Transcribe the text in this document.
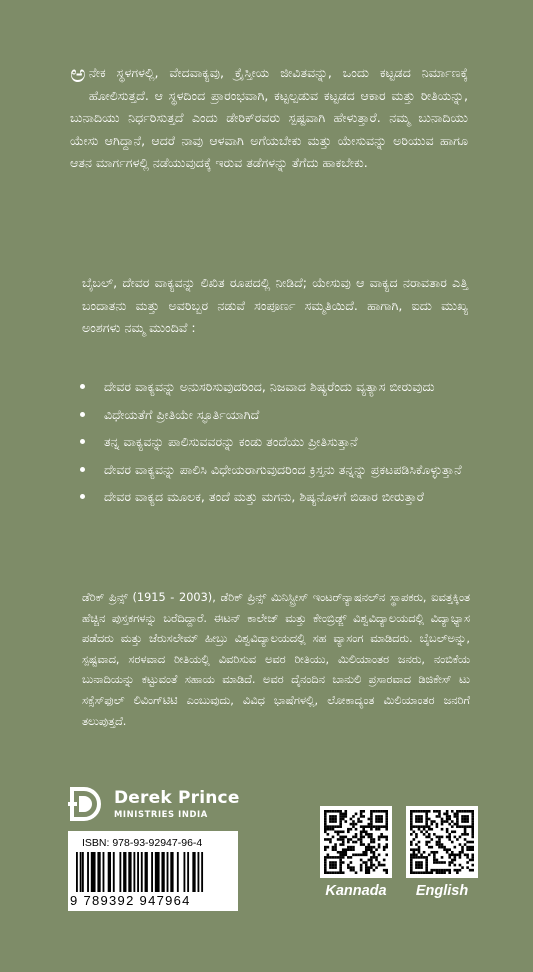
ಅನೇಕ ಸ್ಥಳಗಳಲ್ಲಿ, ವೇದವಾಕ್ಯವು, ಕ್ರೈಸ್ತೀಯ ಜೀವಿತವನ್ನು, ಒಂದು ಕಟ್ಟಡದ ನಿರ್ಮಾಣಕ್ಕೆ ಹೋಲಿಸುತ್ತದೆ. ಆ ಸ್ಥಳದಿಂದ ಪ್ರಾರಂಭವಾಗಿ, ಕಟ್ಟಲ್ಪಡುವ ಕಟ್ಟಡದ ಆಕಾರ ಮತ್ತು ರೀತಿಯನ್ನು, ಬುನಾದಿಯು ನಿರ್ಧರಿಸುತ್ತದೆ ಎಂದು ಡೇರಿಕ್‌ರವರು ಸ್ಪಷ್ಟವಾಗಿ ಹೇಳುತ್ತಾರೆ. ನಮ್ಮ ಬುನಾದಿಯು ಯೇಸು ಆಗಿದ್ದಾನೆ, ಆದರೆ ನಾವು ಆಳವಾಗಿ ಅಗೆಯಬೇಕು ಮತ್ತು ಯೇಸುವನ್ನು ಅರಿಯುವ ಹಾಗೂ ಆತನ ಮಾರ್ಗಗಳಲ್ಲಿ ನಡೆಯುವುದಕ್ಕೆ ಇರುವ ತಡೆಗಳನ್ನು ತೆಗೆದು ಹಾಕಬೇಕು.
ಬೈಬಲ್, ದೇವರ ವಾಕ್ಯವನ್ನು ಲಿಖಿತ ರೂಪದಲ್ಲಿ ನೀಡಿದೆ; ಯೇಸುವು ಆ ವಾಕ್ಯದ ನರಾವತಾರ ಎತ್ತಿ ಬಂದಾತನು ಮತ್ತು ಅವರಿಬ್ಬರ ನಡುವೆ ಸಂಪೂರ್ಣ ಸಮ್ಮತಿಯಿದೆ. ಹಾಗಾಗಿ, ಐದು ಮುಖ್ಯ ಅಂಶಗಳು ನಮ್ಮ ಮುಂದಿವೆ :
ದೇವರ ವಾಕ್ಯವನ್ನು ಅನುಸರಿಸುವುದರಿಂದ, ನಿಜವಾದ ಶಿಷ್ಯರೆಂದು ವ್ಯತ್ಯಾಸ ಬೀರುವುದು
ವಿಧೇಯತೆಗೆ ಪ್ರೀತಿಯೇ ಸ್ಫೂರ್ತಿಯಾಗಿದೆ
ತನ್ನ ವಾಕ್ಯವನ್ನು ಪಾಲಿಸುವವರನ್ನು ಕಂಡು ತಂದೆಯು ಪ್ರೀತಿಸುತ್ತಾನೆ
ದೇವರ ವಾಕ್ಯವನ್ನು ಪಾಲಿಸಿ ವಿಧೇಯರಾಗುವುದರಿಂದ ಕ್ರಿಸ್ತನು ತನ್ನನ್ನು ಪ್ರಕಟಪಡಿಸಿಕೊಳ್ಳುತ್ತಾನೆ
ದೇವರ ವಾಕ್ಯದ ಮೂಲಕ, ತಂದೆ ಮತ್ತು ಮಗನು, ಶಿಷ್ಯನೊಳಗೆ ಬಿಡಾರ ಬೀರುತ್ತಾರೆ
ಡೆರಿಕ್ ಪ್ರಿನ್ಸ್ (1915 - 2003), ಡೆರಿಕ್ ಪ್ರಿನ್ಸ್ ಮಿನಿಸ್ಟ್ರೀಸ್ ಇಂಟರ್‌ನ್ಯಾಷನಲ್‌ನ ಸ್ಥಾಪಕರು, ಐವತ್ತಕ್ಕಿಂತ ಹೆಚ್ಚಿನ ಪುಸ್ತಕಗಳನ್ನು ಬರೆದಿದ್ದಾರೆ. ಈಟನ್ ಕಾಲೇಜ್ ಮತ್ತು ಕೇಂಬ್ರಿಡ್ಜ್ ವಿಶ್ವವಿದ್ಯಾಲಯದಲ್ಲಿ ವಿದ್ಯಾಭ್ಯಾಸ ಪಡೆದರು ಮತ್ತು ಜೆರುಸಲೇಮ್ ಹೀಬ್ರು ವಿಶ್ವವಿದ್ಯಾಲಯದಲ್ಲಿ ಸಹ ವ್ಯಾಸಂಗ ಮಾಡಿದರು. ಬೈಬಲ್‌ಅನ್ನು, ಸ್ಪಷ್ಟವಾದ, ಸರಳವಾದ ರೀತಿಯಲ್ಲಿ ವಿವರಿಸುವ ಅವರ ರೀತಿಯು, ಮಿಲಿಯಾಂತರ ಜನರು, ನಂಬಿಕೆಯ ಬುನಾದಿಯನ್ನು ಕಟ್ಟುವಂತೆ ಸಹಾಯ ಮಾಡಿದೆ. ಅವರ ದೈನಂದಿನ ಬಾನುಲಿ ಪ್ರಸಾರವಾದ ಡಿಜಿಕೇಸ್ ಟು ಸಕ್ಸೆಸ್‌ಫುಲ್ ಲಿವಿಂಗ್‌ಟಿಟಿ ಎಂಬುವುದು, ವಿವಿಧ ಭಾಷೆಗಳಲ್ಲಿ, ಲೋಕಾದ್ಯಂತ ಮಿಲಿಯಾಂತರ ಜನರಿಗೆ ತಲುಪುತ್ತದೆ.
Derek Prince
MINISTRIES INDIA
ISBN: 978-93-92947-96-4
9 789392 947964
Kannada	English
